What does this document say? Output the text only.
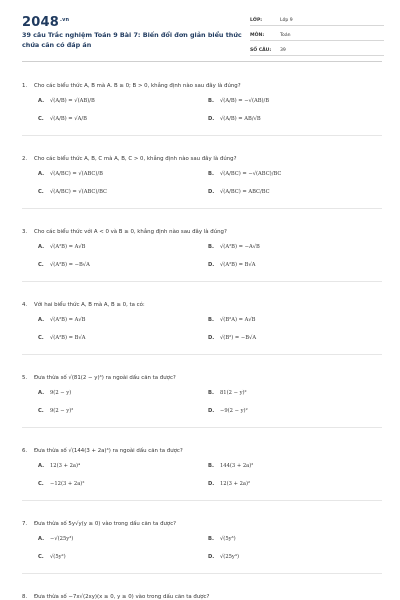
$2048^{.vn}$
39 câu Trắc nghiệm Toán 9 Bài 7: Biến đổi đơn giản biểu thức chứa căn có đáp án
LỚP:	Lớp 9
MÔN:	Toán
SỐ CÂU:	39
1.	Cho các biểu thức A, B mà A. B ≥ 0; B > 0, khẳng định nào sau đây là đúng?
A.	√(A/B) = √(AB)/B	B.	√(A/B) = −√(AB)/B
C.	√(A/B) = √A/B	D.	√(A/B) = AB/√B
2.	Cho các biểu thức A, B, C mà A, B, C > 0, khẳng định nào sau đây là đúng?
A.	√(A/BC) = √(ABC)/B	B.	√(A/BC) = −√(ABC)/BC
C.	√(A/BC) = √(ABC)/BC	D.	√(A/BC) = ABC/BC
3.	Cho các biểu thức với A < 0 và B ≥ 0, khẳng định nào sau đây là đúng?
A.	√(A²B) = A√B	B.	√(A²B) = −A√B
C.	√(A²B) = −B√A	D.	√(A²B) = B√A
4.	Với hai biểu thức A, B mà A, B ≥ 0, ta có:
A.	√(A²B) = A√B	B.	√(B²A) = A√B
C.	√(A²B) = B√A	D.	√(B²) = −B√A
5.	Đưa thừa số √(81(2 − y)⁴) ra ngoài dấu căn ta được?
A.	9(2 − y)	B.	81(2 − y)²
C.	9(2 − y)²	D.	−9(2 − y)²
6.	Đưa thừa số √(144(3 + 2a)⁴) ra ngoài dấu căn ta được?
A.	12(3 + 2a)⁴	B.	144(3 + 2a)²
C.	−12(3 + 2a)²	D.	12(3 + 2a)²
7.	Đưa thừa số 5y√y(y ≥ 0) vào trong dấu căn ta được?
A.	−√(25y³)	B.	√(5y³)
C.	√(5y²)	D.	√(25y³)
8.	Đưa thừa số −7x√(2xy)(x ≥ 0, y ≥ 0) vào trong dấu căn ta được?
